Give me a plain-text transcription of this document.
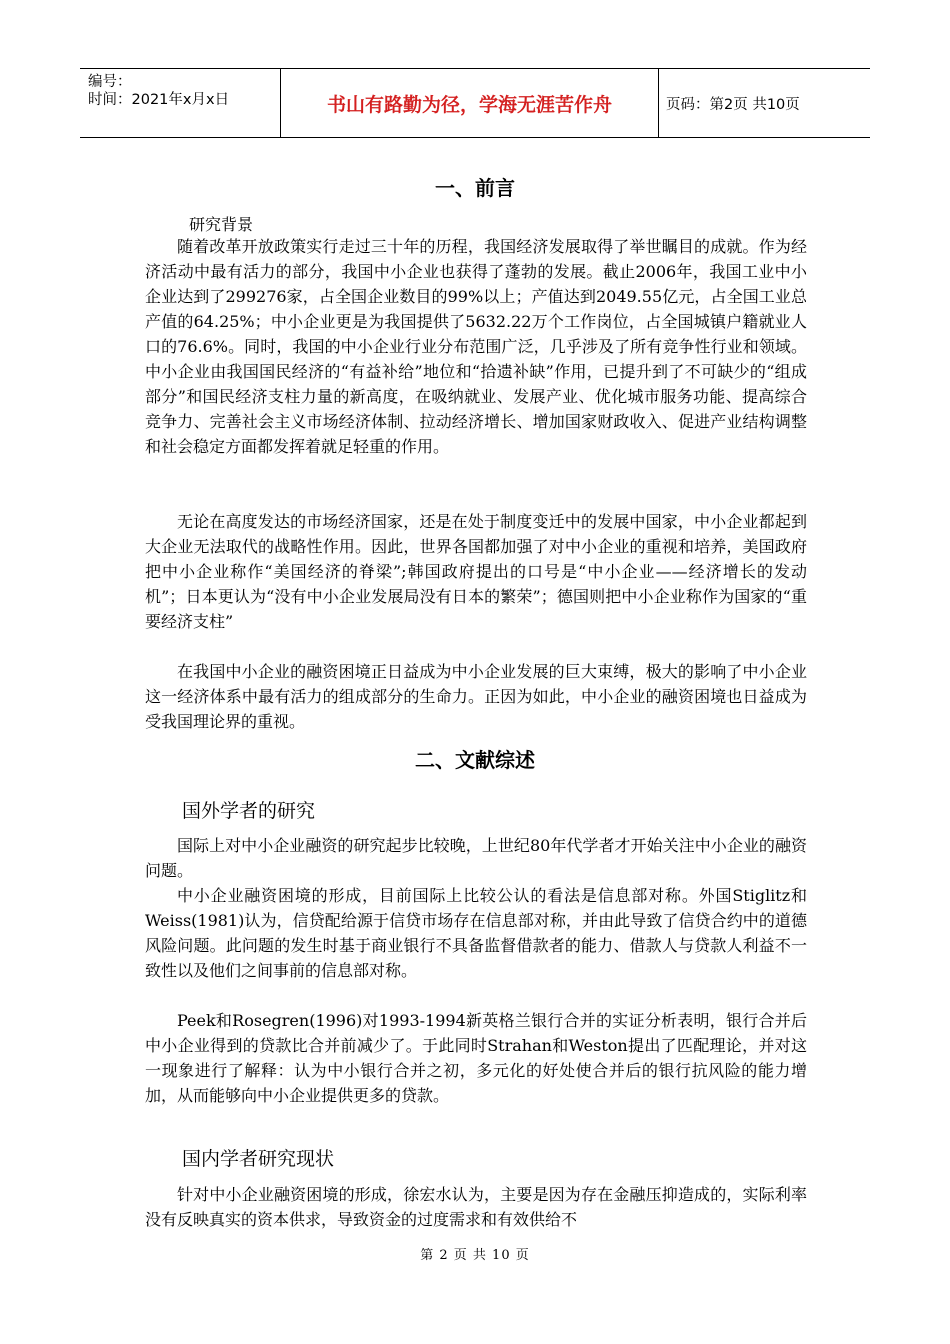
编号：
时间：2021年x月x日	书山有路勤为径，学海无涯苦作舟	页码：第2页 共10页
一、前言
研究背景

随着改革开放政策实行走过三十年的历程，我国经济发展取得了举世瞩目的成就。作为经济活动中最有活力的部分，我国中小企业也获得了蓬勃的发展。截止2006年，我国工业中小企业达到了299276家，占全国企业数目的99%以上；产值达到2049.55亿元，占全国工业总产值的64.25%；中小企业更是为我国提供了5632.22万个工作岗位，占全国城镇户籍就业人口的76.6%。同时，我国的中小企业行业分布范围广泛，几乎涉及了所有竞争性行业和领域。中小企业由我国国民经济的“有益补给”地位和“拾遗补缺”作用，已提升到了不可缺少的“组成部分”和国民经济支柱力量的新高度，在吸纳就业、发展产业、优化城市服务功能、提高综合竞争力、完善社会主义市场经济体制、拉动经济增长、增加国家财政收入、促进产业结构调整和社会稳定方面都发挥着就足轻重的作用。

无论在高度发达的市场经济国家，还是在处于制度变迁中的发展中国家，中小企业都起到大企业无法取代的战略性作用。因此，世界各国都加强了对中小企业的重视和培养，美国政府把中小企业称作“美国经济的脊梁”;韩国政府提出的口号是“中小企业——经济增长的发动机”；日本更认为“没有中小企业发展局没有日本的繁荣”；德国则把中小企业称作为国家的“重要经济支柱”

在我国中小企业的融资困境正日益成为中小企业发展的巨大束缚，极大的影响了中小企业这一经济体系中最有活力的组成部分的生命力。正因为如此，中小企业的融资困境也日益成为受我国理论界的重视。

二、文献综述
国外学者的研究

国际上对中小企业融资的研究起步比较晚，上世纪80年代学者才开始关注中小企业的融资问题。

中小企业融资困境的形成，目前国际上比较公认的看法是信息部对称。外国Stiglitz和Weiss(1981)认为，信贷配给源于信贷市场存在信息部对称，并由此导致了信贷合约中的道德风险问题。此问题的发生时基于商业银行不具备监督借款者的能力、借款人与贷款人利益不一致性以及他们之间事前的信息部对称。

Peek和Rosegren(1996)对1993-1994新英格兰银行合并的实证分析表明，银行合并后中小企业得到的贷款比合并前减少了。于此同时Strahan和Weston提出了匹配理论，并对这一现象进行了解释：认为中小银行合并之初，多元化的好处使合并后的银行抗风险的能力增加，从而能够向中小企业提供更多的贷款。

国内学者研究现状

针对中小企业融资困境的形成，徐宏水认为，主要是因为存在金融压抑造成的，实际利率没有反映真实的资本供求，导致资金的过度需求和有效供给不

第 2 页 共 10 页
